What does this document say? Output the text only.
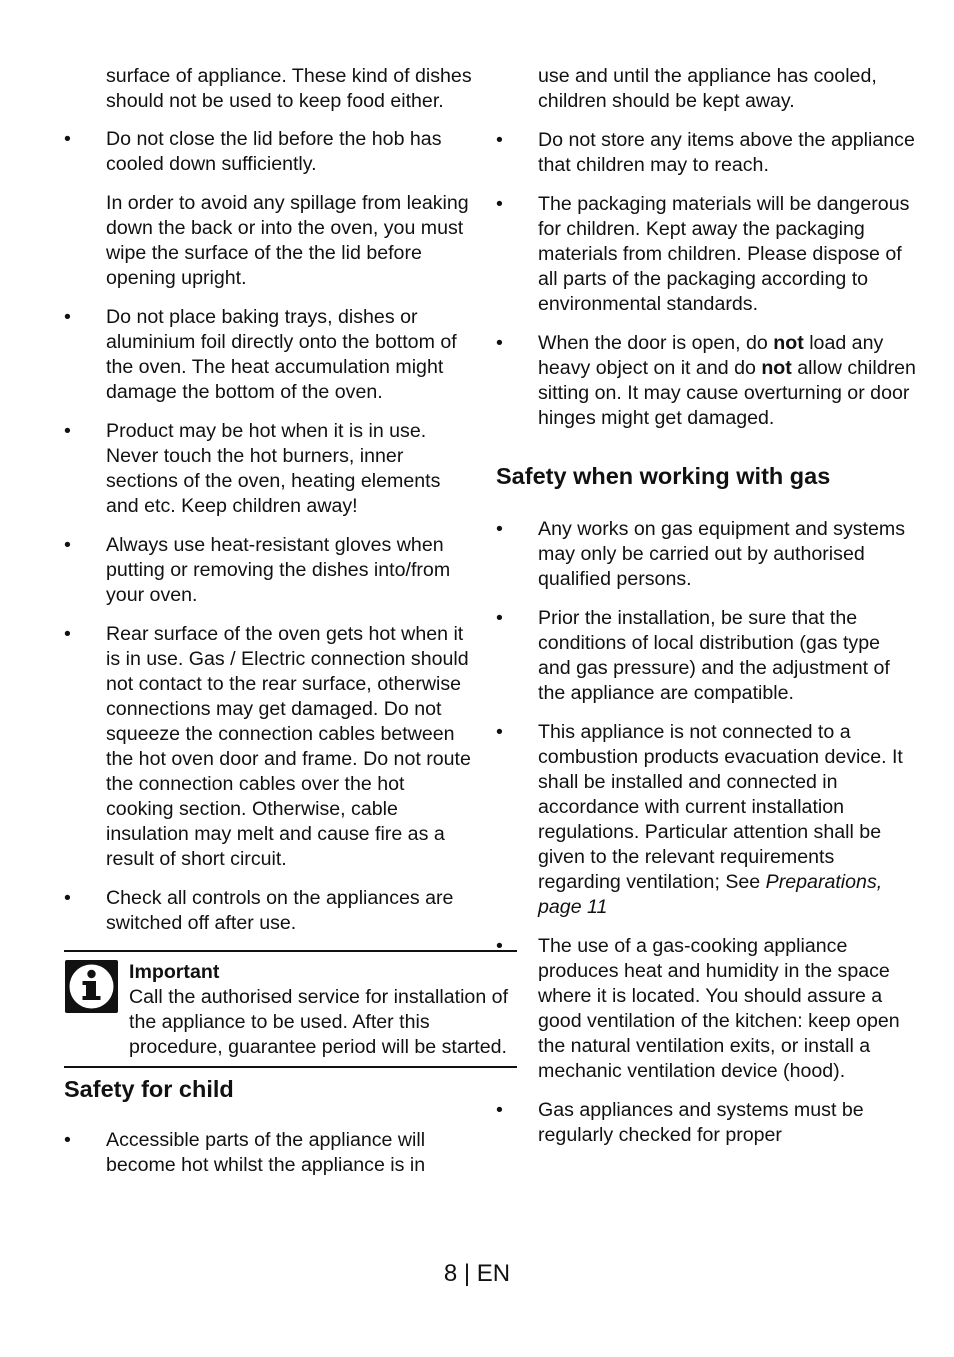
surface of appliance. These kind of dishes should not be used to keep food either.

• Do not close the lid before the hob has cooled down sufficiently.
In order to avoid any spillage from leaking down the back or into the oven, you must wipe the surface of the the lid before opening upright.
• Do not place baking trays, dishes or aluminium foil directly onto the bottom of the oven. The heat accumulation might damage the bottom of the oven.
• Product may be hot when it is in use. Never touch the hot burners, inner sections of the oven, heating elements and etc. Keep children away!
• Always use heat-resistant gloves when putting or removing the dishes into/from your oven.
• Rear surface of the oven gets hot when it is in use. Gas / Electric connection should not contact to the rear surface, otherwise connections may get damaged. Do not squeeze the connection cables between the hot oven door and frame. Do not route the connection cables over the hot cooking section. Otherwise, cable insulation may melt and cause fire as a result of short circuit.
• Check all controls on the appliances are switched off after use.
Important
Call the authorised service for installation of the appliance to be used. After this procedure, guarantee period will be started.
Safety for child
• Accessible parts of the appliance will become hot whilst the appliance is in

use and until the appliance has cooled, children should be kept away.

• Do not store any items above the appliance that children may to reach.
• The packaging materials will be dangerous for children. Kept away the packaging materials from children. Please dispose of all parts of the packaging according to environmental standards.
• When the door is open, do not load any heavy object on it and do not allow children sitting on. It may cause overturning or door hinges might get damaged.
Safety when working with gas
• Any works on gas equipment and systems may only be carried out by authorised qualified persons.
• Prior the installation, be sure that the conditions of local distribution (gas type and gas pressure) and the adjustment of the appliance are compatible.
• This appliance is not connected to a combustion products evacuation device. It shall be installed and connected in accordance with current installation regulations. Particular attention shall be given to the relevant requirements regarding ventilation; See Preparations, page 11
• The use of a gas-cooking appliance produces heat and humidity in the space where it is located. You should assure a good ventilation of the kitchen: keep open the natural ventilation exits, or install a mechanic ventilation device (hood).
• Gas appliances and systems must be regularly checked for proper
8 | EN
